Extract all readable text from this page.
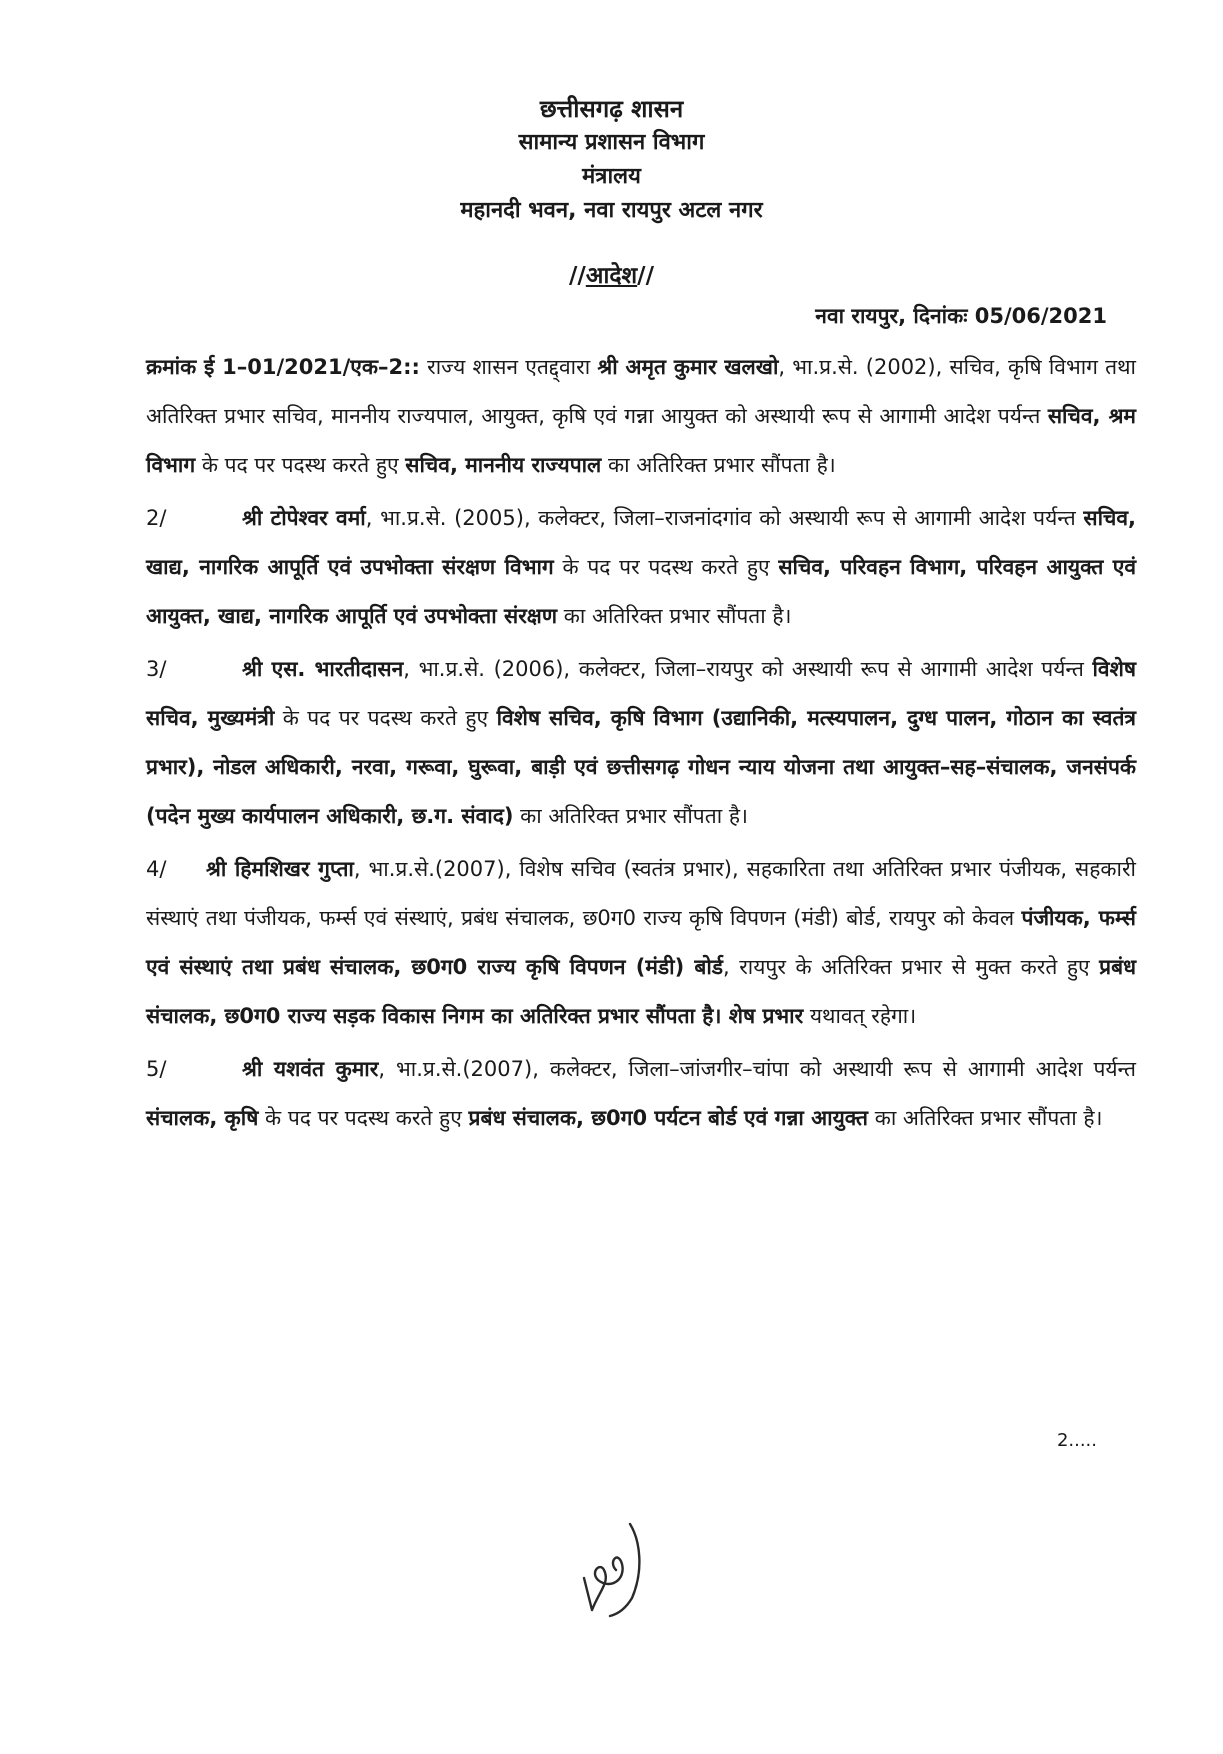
छत्तीसगढ़ शासन
सामान्य प्रशासन विभाग
मंत्रालय
महानदी भवन, नवा रायपुर अटल नगर
//आदेश//
नवा रायपुर, दिनांकः 05/06/2021

क्रमांक ई 1–01/2021/एक–2:: राज्य शासन एतद्द्वारा श्री अमृत कुमार खलखो, भा.प्र.से. (2002), सचिव, कृषि विभाग तथा अतिरिक्त प्रभार सचिव, माननीय राज्यपाल, आयुक्त, कृषि एवं गन्ना आयुक्त को अस्थायी रूप से आगामी आदेश पर्यन्त सचिव, श्रम विभाग के पद पर पदस्थ करते हुए सचिव, माननीय राज्यपाल का अतिरिक्त प्रभार सौंपता है।

2/	श्री टोपेश्वर वर्मा, भा.प्र.से. (2005), कलेक्टर, जिला–राजनांदगांव को अस्थायी रूप से आगामी आदेश पर्यन्त सचिव, खाद्य, नागरिक आपूर्ति एवं उपभोक्ता संरक्षण विभाग के पद पर पदस्थ करते हुए सचिव, परिवहन विभाग, परिवहन आयुक्त एवं आयुक्त, खाद्य, नागरिक आपूर्ति एवं उपभोक्ता संरक्षण का अतिरिक्त प्रभार सौंपता है।

3/	श्री एस. भारतीदासन, भा.प्र.से. (2006), कलेक्टर, जिला–रायपुर को अस्थायी रूप से आगामी आदेश पर्यन्त विशेष सचिव, मुख्यमंत्री के पद पर पदस्थ करते हुए विशेष सचिव, कृषि विभाग (उद्यानिकी, मत्स्यपालन, दुग्ध पालन, गोठान का स्वतंत्र प्रभार), नोडल अधिकारी, नरवा, गरूवा, घुरूवा, बाड़ी एवं छत्तीसगढ़ गोधन न्याय योजना तथा आयुक्त–सह–संचालक, जनसंपर्क (पदेन मुख्य कार्यपालन अधिकारी, छ.ग. संवाद) का अतिरिक्त प्रभार सौंपता है।

4/ श्री हिमशिखर गुप्ता, भा.प्र.से.(2007), विशेष सचिव (स्वतंत्र प्रभार), सहकारिता तथा अतिरिक्त प्रभार पंजीयक, सहकारी संस्थाएं तथा पंजीयक, फर्म्स एवं संस्थाएं, प्रबंध संचालक, छ0ग0 राज्य कृषि विपणन (मंडी) बोर्ड, रायपुर को केवल पंजीयक, फर्म्स एवं संस्थाएं तथा प्रबंध संचालक, छ0ग0 राज्य कृषि विपणन (मंडी) बोर्ड, रायपुर के अतिरिक्त प्रभार से मुक्त करते हुए प्रबंध संचालक, छ0ग0 राज्य सड़क विकास निगम का अतिरिक्त प्रभार सौंपता है। शेष प्रभार यथावत् रहेगा।

5/	श्री यशवंत कुमार, भा.प्र.से.(2007), कलेक्टर, जिला–जांजगीर–चांपा को अस्थायी रूप से आगामी आदेश पर्यन्त संचालक, कृषि के पद पर पदस्थ करते हुए प्रबंध संचालक, छ0ग0 पर्यटन बोर्ड एवं गन्ना आयुक्त का अतिरिक्त प्रभार सौंपता है।

2.....
